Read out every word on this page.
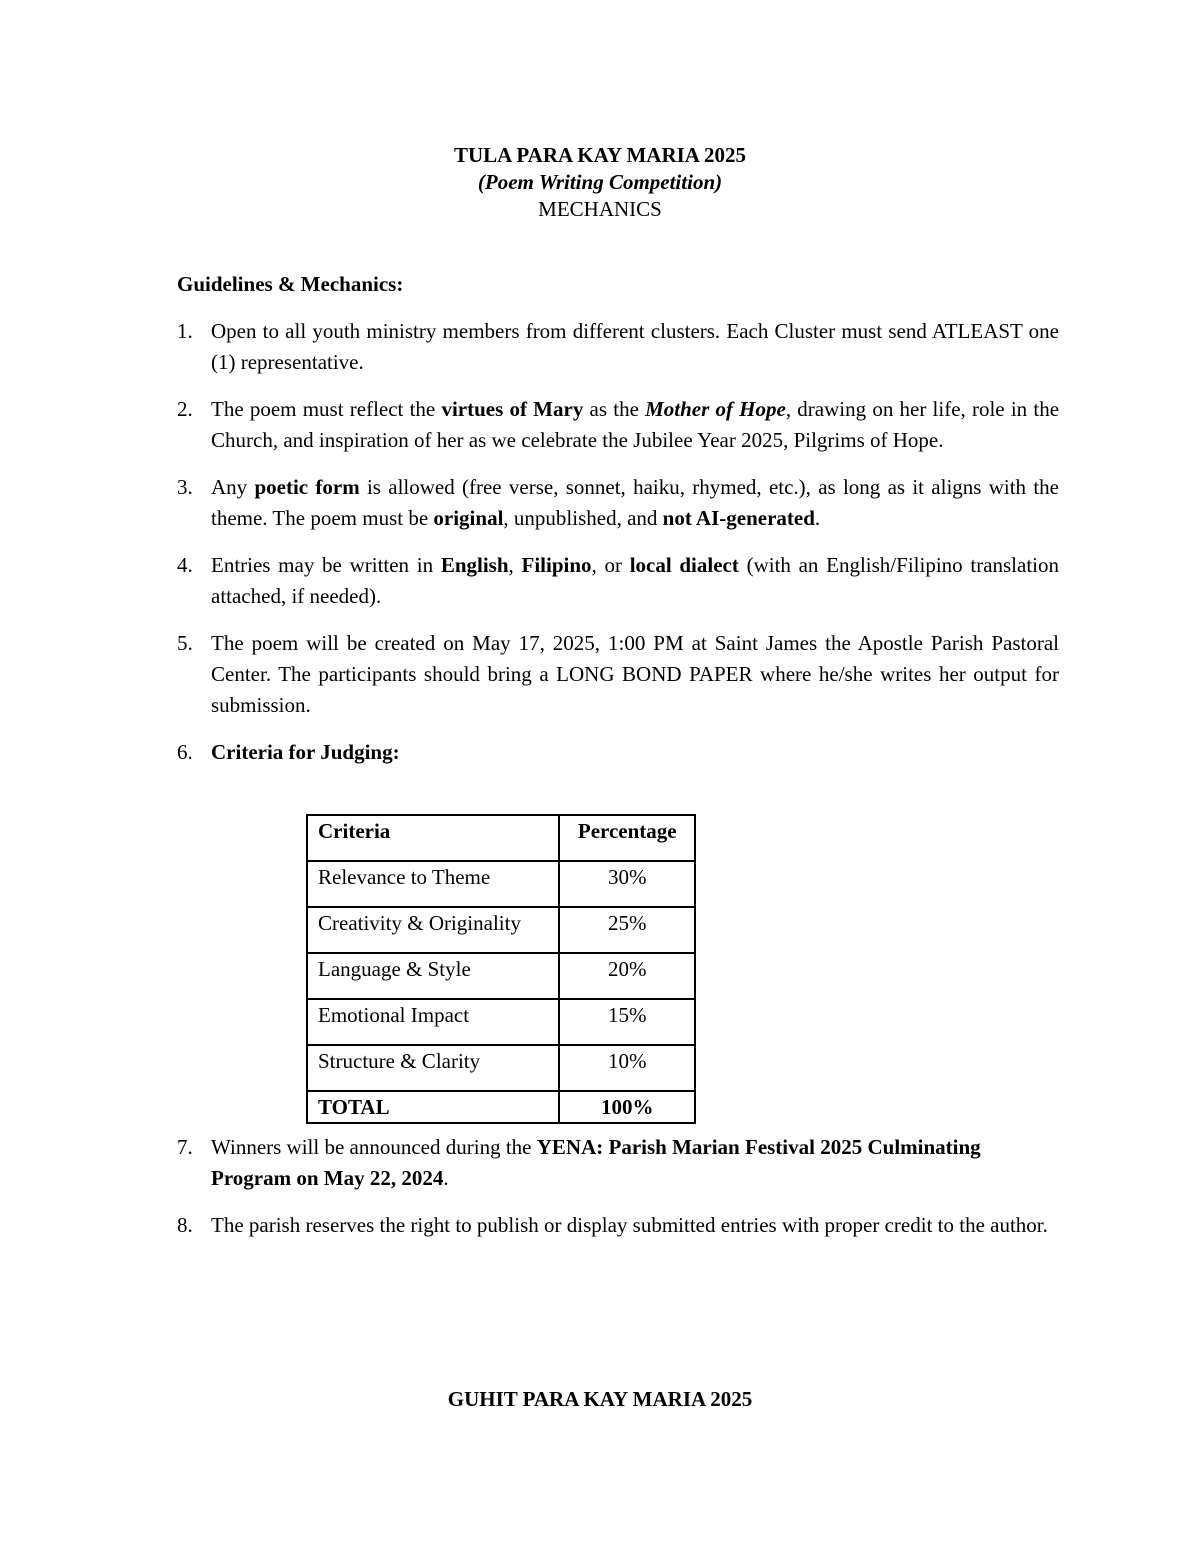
TULA PARA KAY MARIA 2025
(Poem Writing Competition)
MECHANICS
Guidelines & Mechanics:
1. Open to all youth ministry members from different clusters. Each Cluster must send ATLEAST one (1) representative.
2. The poem must reflect the virtues of Mary as the Mother of Hope, drawing on her life, role in the Church, and inspiration of her as we celebrate the Jubilee Year 2025, Pilgrims of Hope.
3. Any poetic form is allowed (free verse, sonnet, haiku, rhymed, etc.), as long as it aligns with the theme. The poem must be original, unpublished, and not AI-generated.
4. Entries may be written in English, Filipino, or local dialect (with an English/Filipino translation attached, if needed).
5. The poem will be created on May 17, 2025, 1:00 PM at Saint James the Apostle Parish Pastoral Center. The participants should bring a LONG BOND PAPER where he/she writes her output for submission.
6. Criteria for Judging:
Criteria	Percentage
Relevance to Theme	30%
Creativity & Originality	25%
Language & Style	20%
Emotional Impact	15%
Structure & Clarity	10%
TOTAL	100%
7. Winners will be announced during the YENA: Parish Marian Festival 2025 Culminating Program on May 22, 2024.
8. The parish reserves the right to publish or display submitted entries with proper credit to the author.
GUHIT PARA KAY MARIA 2025
